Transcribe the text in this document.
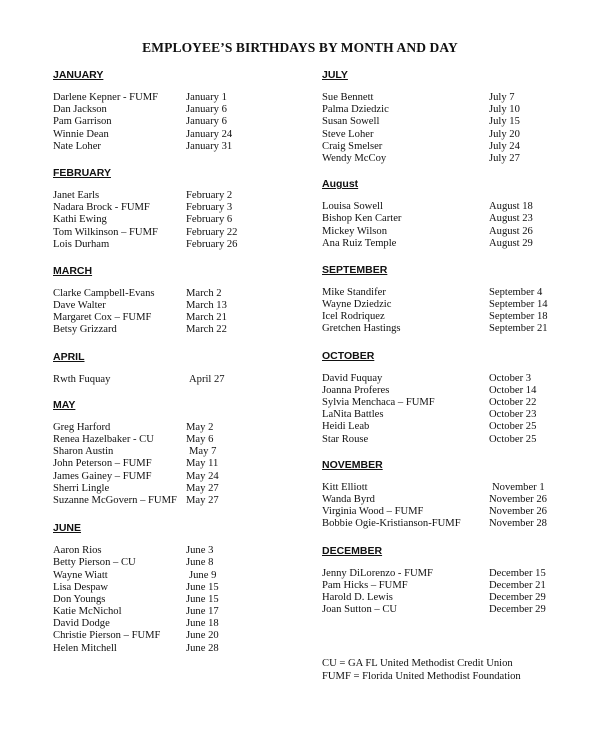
EMPLOYEE’S BIRTHDAYS BY MONTH AND DAY
JANUARY
Darlene Kepner - FUMF	January 1
Dan Jackson	January 6
Pam Garrison	January 6
Winnie Dean	January 24
Nate Loher	January 31
FEBRUARY
Janet Earls	February 2
Nadara Brock - FUMF	February 3
Kathi Ewing	February 6
Tom Wilkinson – FUMF	February 22
Lois Durham	February 26
MARCH
Clarke Campbell-Evans	March 2
Dave Walter	March 13
Margaret Cox – FUMF	March 21
Betsy Grizzard	March 22
APRIL
Rwth Fuquay	April 27
MAY
Greg Harford	May 2
Renea Hazelbaker - CU	May 6
Sharon Austin	May 7
John Peterson – FUMF	May 11
James Gainey – FUMF	May 24
Sherri Lingle	May 27
Suzanne McGovern – FUMF May 27
JUNE
Aaron Rios	June 3
Betty Pierson – CU	June 8
Wayne Wiatt	June 9
Lisa Despaw	June 15
Don Youngs	June 15
Katie McNichol	June 17
David Dodge	June 18
Christie Pierson – FUMF June 20
Helen Mitchell	June 28
JULY
Sue Bennett	July 7
Palma Dziedzic	July 10
Susan Sowell	July 15
Steve Loher	July 20
Craig Smelser	July 24
Wendy McCoy	July 27
August
Louisa Sowell	August 18
Bishop Ken Carter	August 23
Mickey Wilson	August 26
Ana Ruiz Temple	August 29
SEPTEMBER
Mike Standifer	September 4
Wayne Dziedzic	September 14
Icel Rodriquez	September 18
Gretchen Hastings	September 21
OCTOBER
David Fuquay	October 3
Joanna Proferes	October 14
Sylvia Menchaca – FUMF	October 22
LaNita Battles	October 23
Heidi Leab	October 25
Star Rouse	October 25
NOVEMBER
Kitt Elliott	November 1
Wanda Byrd	November 26
Virginia Wood – FUMF	November 26
Bobbie Ogie-Kristianson-FUMF	November 28
DECEMBER
Jenny DiLorenzo - FUMF	December 15
Pam Hicks – FUMF	December 21
Harold D. Lewis	December 29
Joan Sutton – CU	December 29
CU = GA FL United Methodist Credit Union
FUMF = Florida United Methodist Foundation
